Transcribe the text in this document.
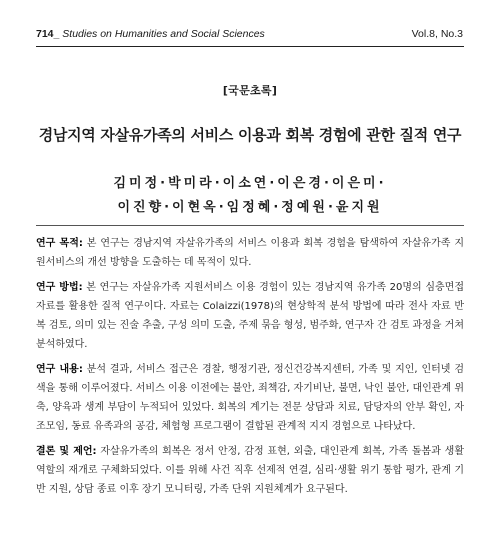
714_ Studies on Humanities and Social Sciences	Vol.8, No.3
[국문초록]
경남지역 자살유가족의 서비스 이용과 회복 경험에 관한 질적 연구
김미정·박미라·이소연·이은경·이은미·
이진향·이현옥·임정혜·정예원·윤지원

연구 목적: 본 연구는 경남지역 자살유가족의 서비스 이용과 회복 경험을 탐색하여 자살유가족 지원서비스의 개선 방향을 도출하는 데 목적이 있다.

연구 방법: 본 연구는 자살유가족 지원서비스 이용 경험이 있는 경남지역 유가족 20명의 심층면접 자료를 활용한 질적 연구이다. 자료는 Colaizzi(1978)의 현상학적 분석 방법에 따라 전사 자료 반복 검토, 의미 있는 진술 추출, 구성 의미 도출, 주제 묶음 형성, 범주화, 연구자 간 검토 과정을 거쳐 분석하였다.

연구 내용: 분석 결과, 서비스 접근은 경찰, 행정기관, 정신건강복지센터, 가족 및 지인, 인터넷 검색을 통해 이루어졌다. 서비스 이용 이전에는 불안, 죄책감, 자기비난, 불면, 낙인 불안, 대인관계 위축, 양육과 생계 부담이 누적되어 있었다. 회복의 계기는 전문 상담과 치료, 담당자의 안부 확인, 자조모임, 동료 유족과의 공감, 체험형 프로그램이 결합된 관계적 지지 경험으로 나타났다.

결론 및 제언: 자살유가족의 회복은 정서 안정, 감정 표현, 외출, 대인관계 회복, 가족 돌봄과 생활 역할의 재개로 구체화되었다. 이를 위해 사건 직후 선제적 연결, 심리·생활 위기 통합 평가, 관계 기반 지원, 상담 종료 이후 장기 모니터링, 가족 단위 지원체계가 요구된다.
